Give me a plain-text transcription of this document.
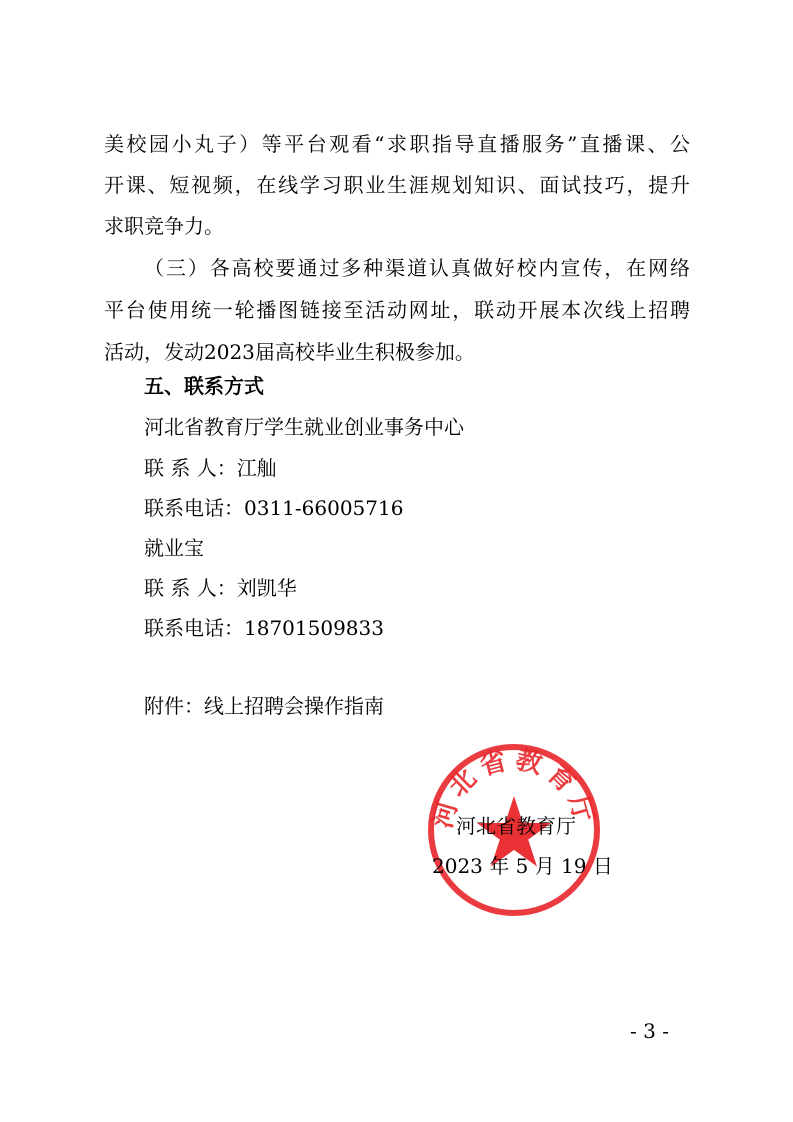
美校园小丸子）等平台观看“求职指导直播服务”直播课、公
开课、短视频，在线学习职业生涯规划知识、面试技巧，提升
求职竞争力。
（三）各高校要通过多种渠道认真做好校内宣传，在网络
平台使用统一轮播图链接至活动网址，联动开展本次线上招聘
活动，发动2023届高校毕业生积极参加。
五、联系方式
河北省教育厅学生就业创业事务中心
联 系 人：江舢
联系电话：0311-66005716
就业宝
联 系 人：刘凯华
联系电话：18701509833
附件：线上招聘会操作指南
河北省教育厅
河北省教育厅
2023 年 5 月 19 日
- 3 -
